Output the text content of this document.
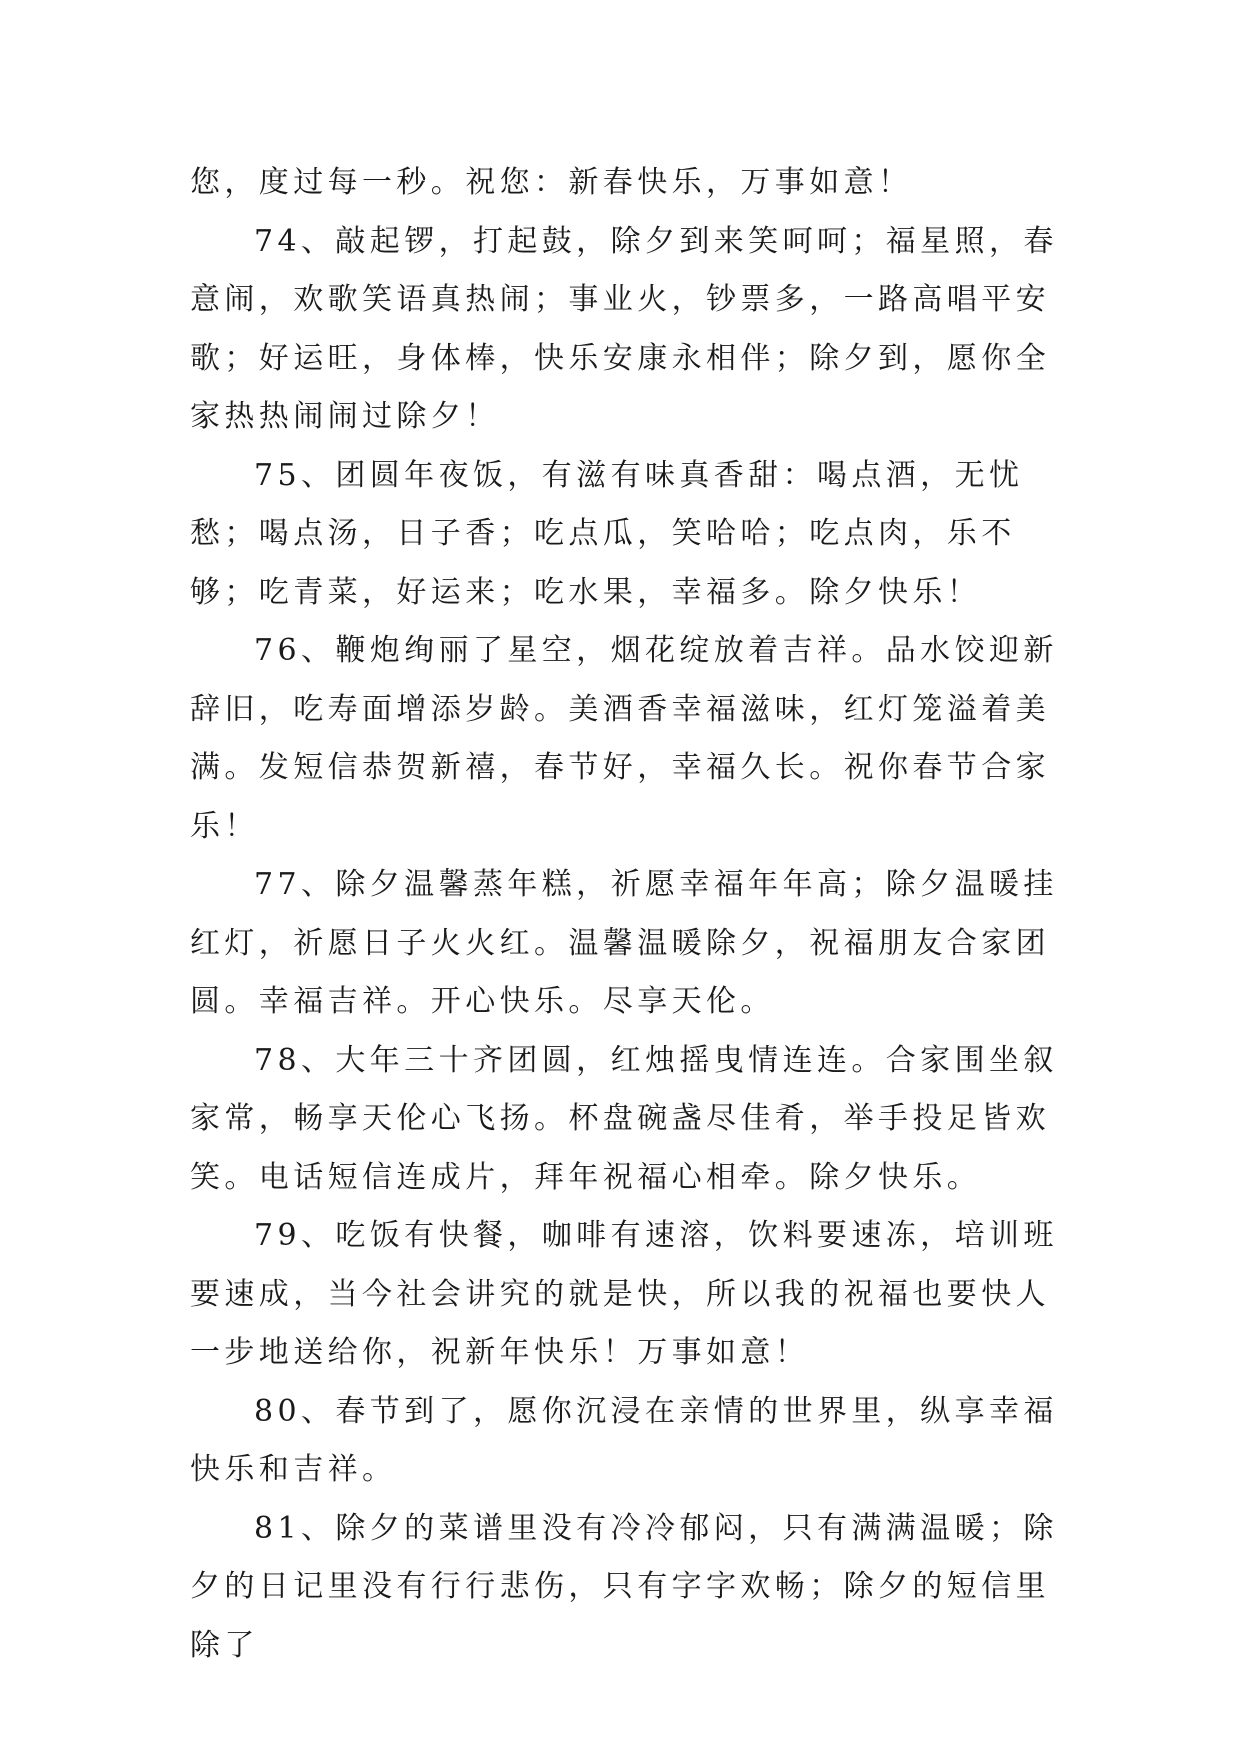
您，度过每一秒。祝您：新春快乐，万事如意！

74、敲起锣，打起鼓，除夕到来笑呵呵；福星照，春意闹，欢歌笑语真热闹；事业火，钞票多，一路高唱平安歌；好运旺，身体棒，快乐安康永相伴；除夕到，愿你全家热热闹闹过除夕！

75、团圆年夜饭，有滋有味真香甜：喝点酒，无忧愁；喝点汤，日子香；吃点瓜，笑哈哈；吃点肉，乐不够；吃青菜，好运来；吃水果，幸福多。除夕快乐！

76、鞭炮绚丽了星空，烟花绽放着吉祥。品水饺迎新辞旧，吃寿面增添岁龄。美酒香幸福滋味，红灯笼溢着美满。发短信恭贺新禧，春节好，幸福久长。祝你春节合家乐！

77、除夕温馨蒸年糕，祈愿幸福年年高；除夕温暖挂红灯，祈愿日子火火红。温馨温暖除夕，祝福朋友合家团圆。幸福吉祥。开心快乐。尽享天伦。

78、大年三十齐团圆，红烛摇曳情连连。合家围坐叙家常，畅享天伦心飞扬。杯盘碗盏尽佳肴，举手投足皆欢笑。电话短信连成片，拜年祝福心相牵。除夕快乐。

79、吃饭有快餐，咖啡有速溶，饮料要速冻，培训班要速成，当今社会讲究的就是快，所以我的祝福也要快人一步地送给你，祝新年快乐！万事如意！

80、春节到了，愿你沉浸在亲情的世界里，纵享幸福快乐和吉祥。

81、除夕的菜谱里没有冷冷郁闷，只有满满温暖；除夕的日记里没有行行悲伤，只有字字欢畅；除夕的短信里除了
